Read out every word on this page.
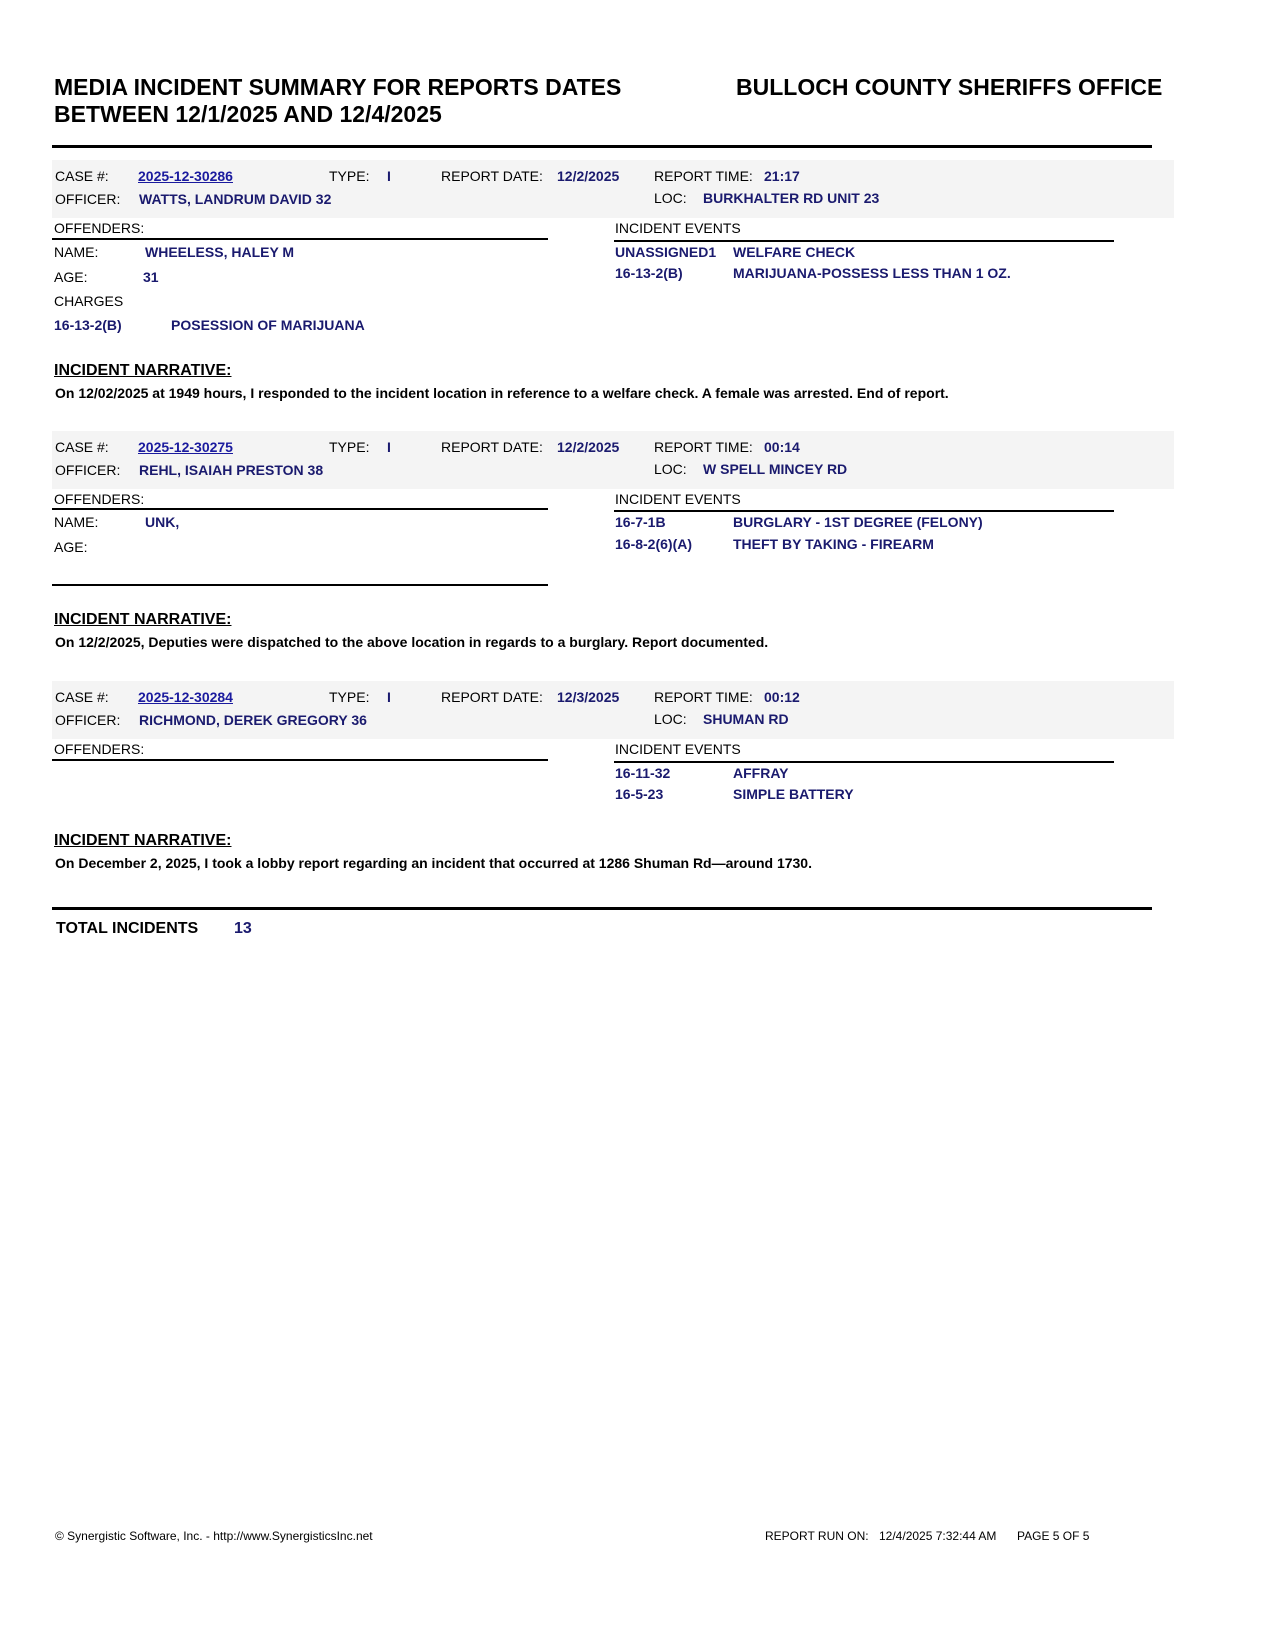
MEDIA INCIDENT SUMMARY FOR REPORTS DATES
BETWEEN 12/1/2025 AND 12/4/2025
BULLOCH COUNTY SHERIFFS OFFICE
CASE #: 2025-12-30286	TYPE: I	REPORT DATE: 12/2/2025 REPORT TIME: 21:17
OFFICER: WATTS, LANDRUM DAVID 32	LOC: BURKHALTER RD UNIT 23
OFFENDERS:
NAME:	WHEELESS, HALEY M
AGE:	31
CHARGES
16-13-2(B)	POSESSION OF MARIJUANA
INCIDENT EVENTS
UNASSIGNED1 WELFARE CHECK
16-13-2(B)	MARIJUANA-POSSESS LESS THAN 1 OZ.
INCIDENT NARRATIVE:
On 12/02/2025 at 1949 hours, I responded to the incident location in reference to a welfare check. A female was arrested. End of report.
CASE #: 2025-12-30275	TYPE: I	REPORT DATE: 12/2/2025 REPORT TIME: 00:14
OFFICER: REHL, ISAIAH PRESTON 38	LOC: W SPELL MINCEY RD
OFFENDERS:
NAME:	UNK,
AGE:
INCIDENT EVENTS
16-7-1B	BURGLARY - 1ST DEGREE (FELONY)
16-8-2(6)(A)	THEFT BY TAKING - FIREARM
INCIDENT NARRATIVE:
On 12/2/2025, Deputies were dispatched to the above location in regards to a burglary. Report documented.
CASE #: 2025-12-30284	TYPE: I	REPORT DATE: 12/3/2025 REPORT TIME: 00:12
OFFICER: RICHMOND, DEREK GREGORY 36	LOC: SHUMAN RD
OFFENDERS:	INCIDENT EVENTS
16-11-32	AFFRAY
16-5-23	SIMPLE BATTERY
INCIDENT NARRATIVE:
On December 2, 2025, I took a lobby report regarding an incident that occurred at 1286 Shuman Rd—around 1730.
TOTAL INCIDENTS 13
© Synergistic Software, Inc. - http://www.SynergisticsInc.net	REPORT RUN ON: 12/4/2025 7:32:44 AM PAGE 5 OF 5
